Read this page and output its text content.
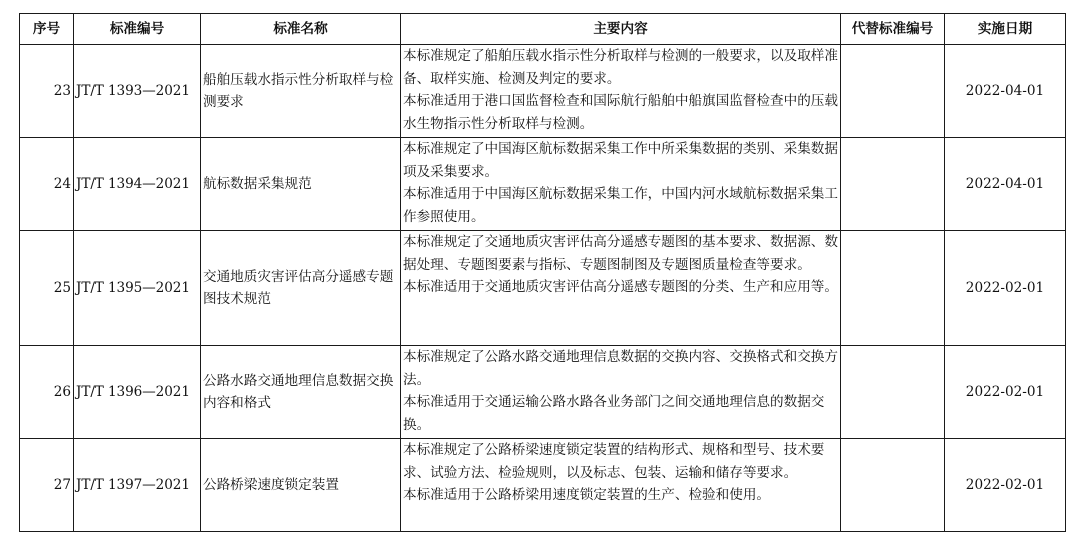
序号	标准编号	标准名称	主要内容	代替标准编号	实施日期
23	JT/T 1393—2021	船舶压载水指示性分析取样与检测要求	本标准规定了船舶压载水指示性分析取样与检测的一般要求，以及取样准备、取样实施、检测及判定的要求。

本标准适用于港口国监督检查和国际航行船舶中船旗国监督检查中的压载水生物指示性分析取样与检测。		2022-04-01
24	JT/T 1394—2021	航标数据采集规范	本标准规定了中国海区航标数据采集工作中所采集数据的类别、采集数据项及采集要求。

本标准适用于中国海区航标数据采集工作，中国内河水域航标数据采集工作参照使用。		2022-04-01
25	JT/T 1395—2021	交通地质灾害评估高分遥感专题图技术规范	本标准规定了交通地质灾害评估高分遥感专题图的基本要求、数据源、数据处理、专题图要素与指标、专题图制图及专题图质量检查等要求。

本标准适用于交通地质灾害评估高分遥感专题图的分类、生产和应用等。		2022-02-01
26	JT/T 1396—2021	公路水路交通地理信息数据交换内容和格式	本标准规定了公路水路交通地理信息数据的交换内容、交换格式和交换方法。

本标准适用于交通运输公路水路各业务部门之间交通地理信息的数据交换。		2022-02-01
27	JT/T 1397—2021	公路桥梁速度锁定装置	本标准规定了公路桥梁速度锁定装置的结构形式、规格和型号、技术要求、试验方法、检验规则，以及标志、包装、运输和储存等要求。

本标准适用于公路桥梁用速度锁定装置的生产、检验和使用。		2022-02-01
